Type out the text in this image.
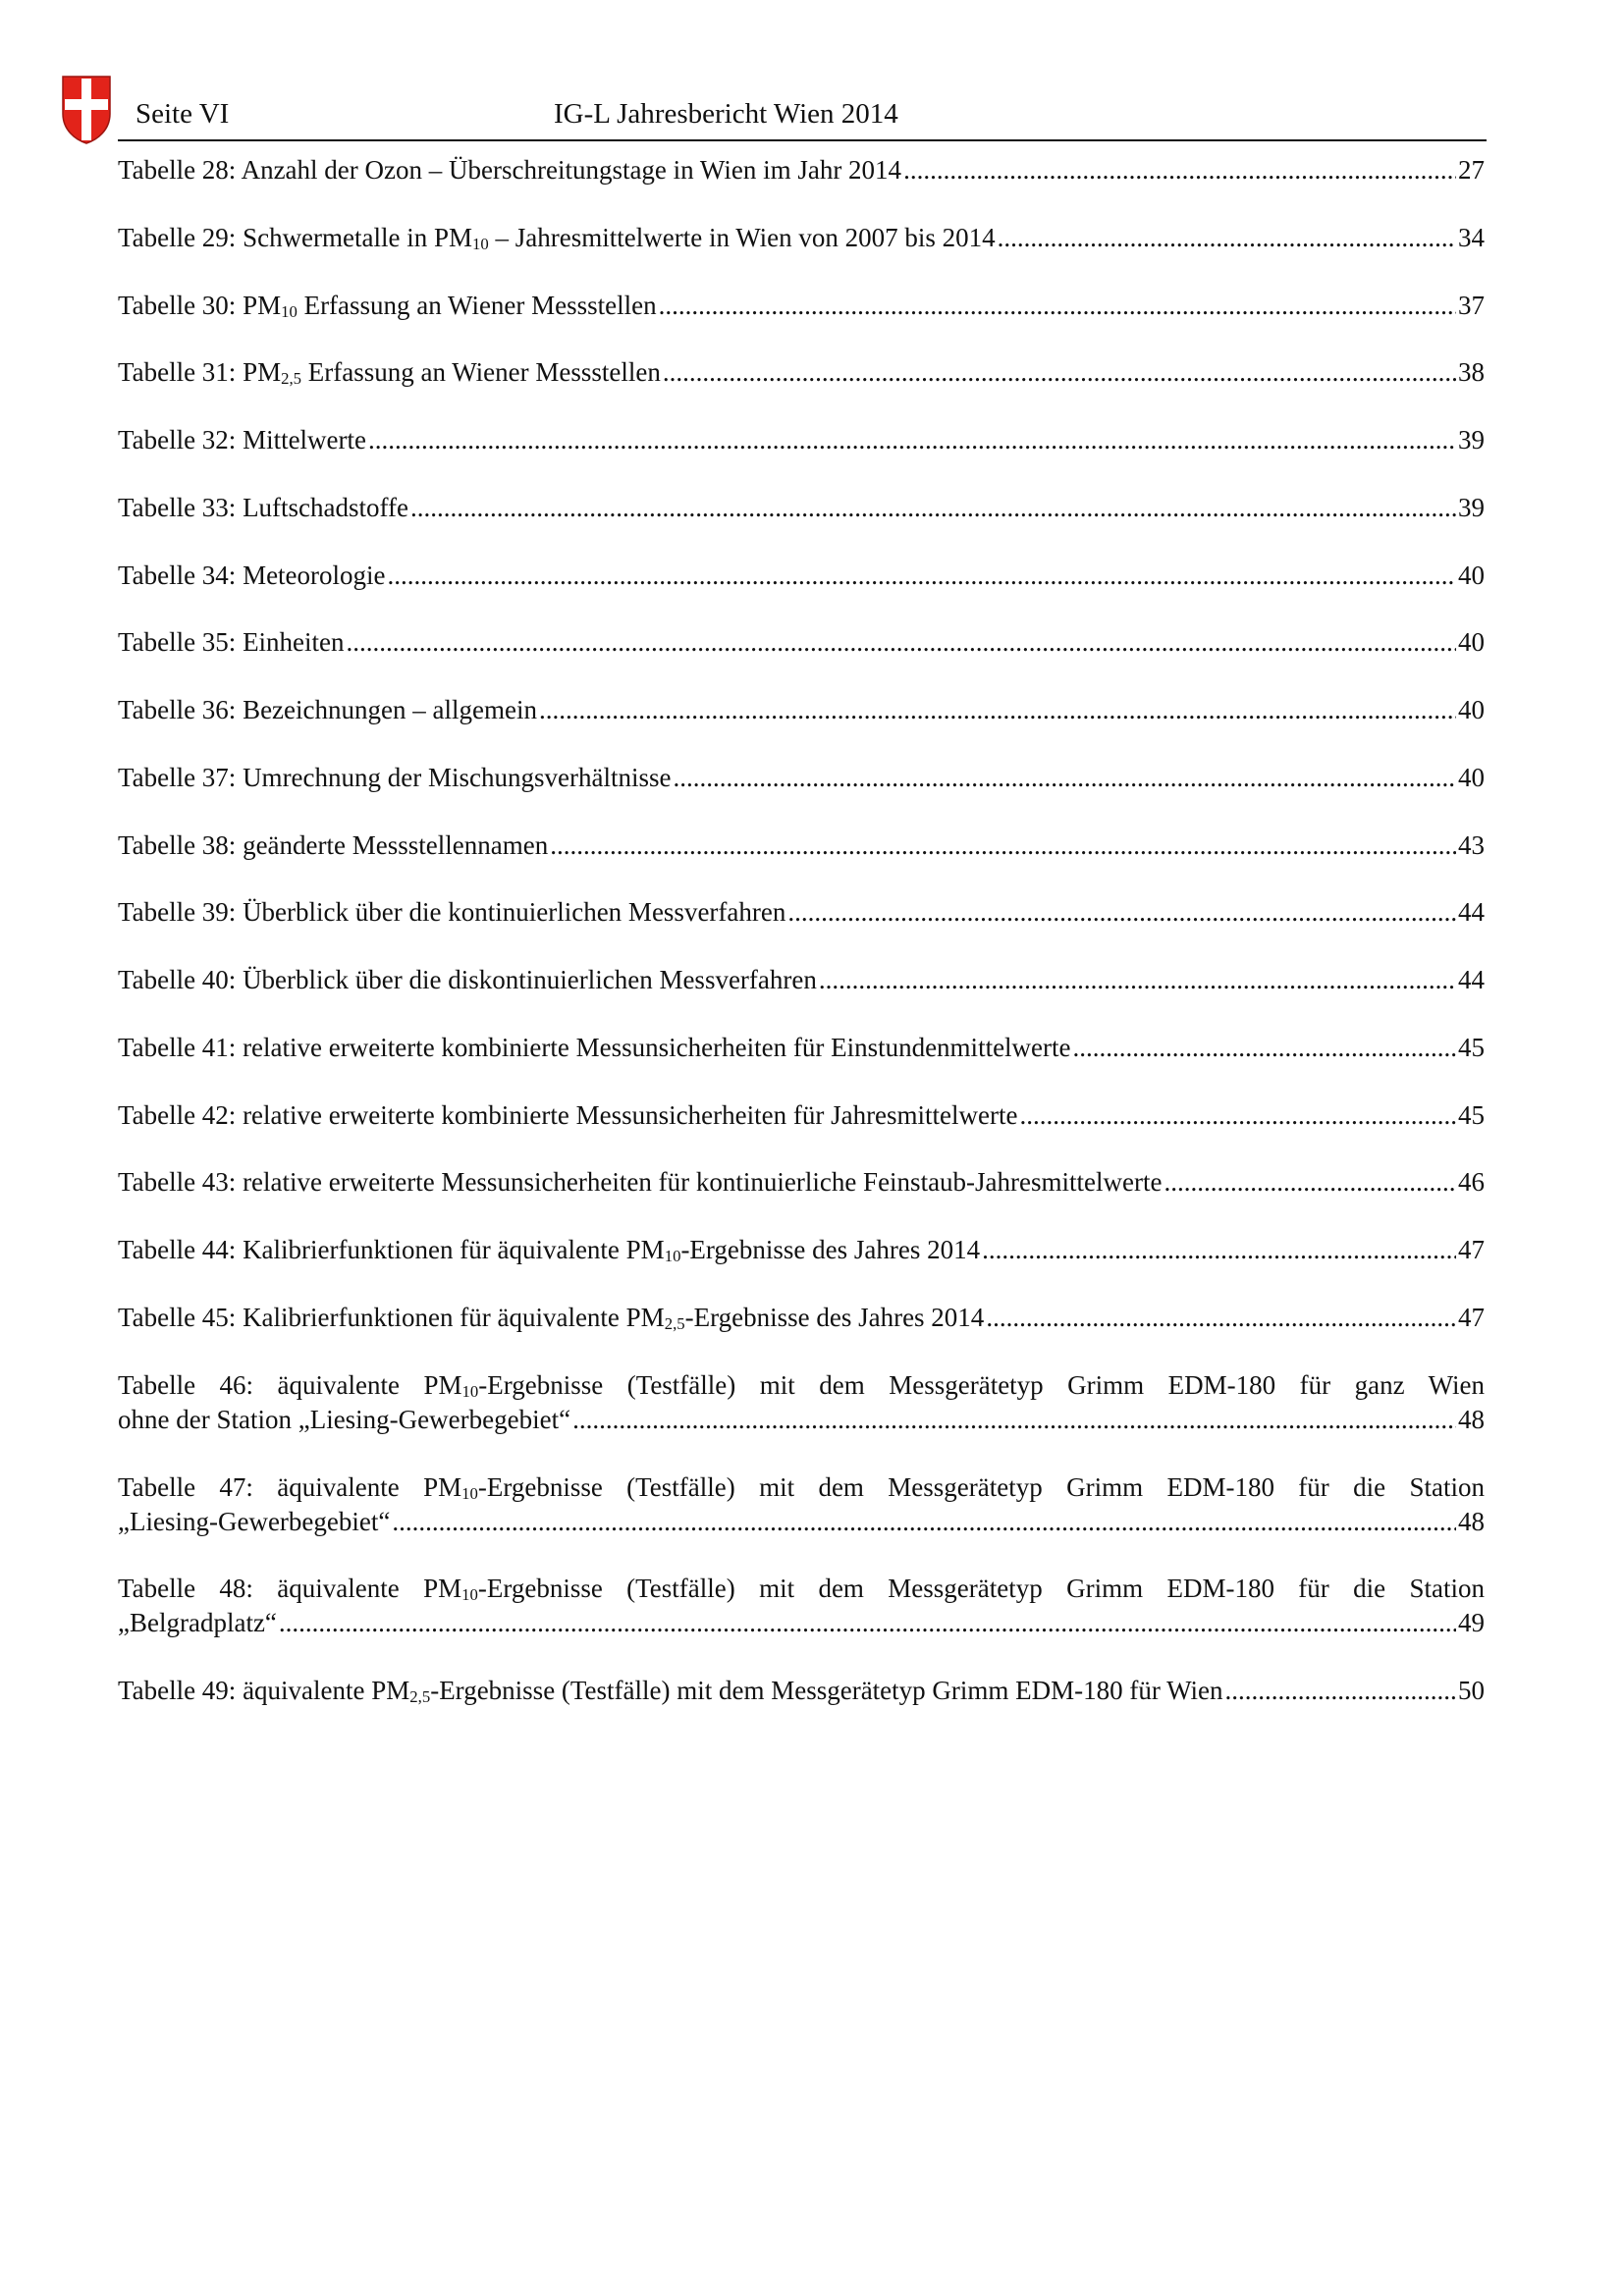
Seite VI	IG-L Jahresbericht Wien 2014
Tabelle 28: Anzahl der Ozon – Überschreitungstage in Wien im Jahr 2014 .....	27
Tabelle 29: Schwermetalle in $PM_{10}$ – Jahresmittelwerte in Wien von 2007 bis 2014 .....	34
Tabelle 30: $PM_{10}$ Erfassung an Wiener Messstellen .....	37
Tabelle 31: $PM_{2,5}$ Erfassung an Wiener Messstellen .....	38
Tabelle 32: Mittelwerte .....	39
Tabelle 33: Luftschadstoffe .....	39
Tabelle 34: Meteorologie .....	40
Tabelle 35: Einheiten .....	40
Tabelle 36: Bezeichnungen – allgemein .....	40
Tabelle 37: Umrechnung der Mischungsverhältnisse .....	40
Tabelle 38: geänderte Messstellennamen .....	43
Tabelle 39: Überblick über die kontinuierlichen Messverfahren .....	44
Tabelle 40: Überblick über die diskontinuierlichen Messverfahren .....	44
Tabelle 41: relative erweiterte kombinierte Messunsicherheiten für Einstundenmittelwerte .....	45
Tabelle 42: relative erweiterte kombinierte Messunsicherheiten für Jahresmittelwerte .....	45
Tabelle 43: relative erweiterte Messunsicherheiten für kontinuierliche Feinstaub-Jahresmittelwerte .....	46
Tabelle 44: Kalibrierfunktionen für äquivalente $PM_{10}$-Ergebnisse des Jahres 2014 .....	47
Tabelle 45: Kalibrierfunktionen für äquivalente $PM_{2,5}$-Ergebnisse des Jahres 2014 .....	47
Tabelle 46: äquivalente $PM_{10}$-Ergebnisse (Testfälle) mit dem Messgerätetyp Grimm EDM-180 für ganz Wien
ohne der Station „Liesing-Gewerbegebiet“ .....	48
Tabelle 47: äquivalente $PM_{10}$-Ergebnisse (Testfälle) mit dem Messgerätetyp Grimm EDM-180 für die Station
„Liesing-Gewerbegebiet“ .....	48
Tabelle 48: äquivalente $PM_{10}$-Ergebnisse (Testfälle) mit dem Messgerätetyp Grimm EDM-180 für die Station
„Belgradplatz“ .....	49
Tabelle 49: äquivalente $PM_{2,5}$-Ergebnisse (Testfälle) mit dem Messgerätetyp Grimm EDM-180 für Wien .....	50
